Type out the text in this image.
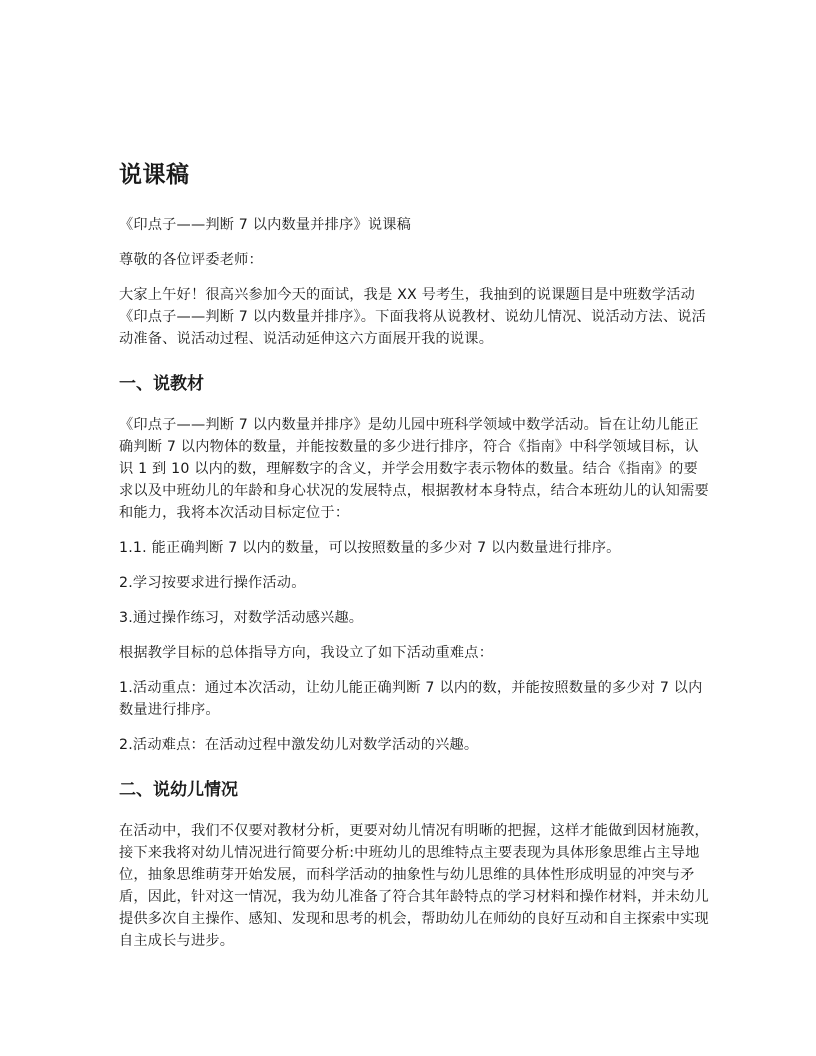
说课稿

《印点子——判断 7 以内数量并排序》说课稿

尊敬的各位评委老师：

大家上午好！很高兴参加今天的面试，我是 XX 号考生，我抽到的说课题目是中班数学活动《印点子——判断 7 以内数量并排序》。下面我将从说教材、说幼儿情况、说活动方法、说活动准备、说活动过程、说活动延伸这六方面展开我的说课。

一、说教材

《印点子——判断 7 以内数量并排序》是幼儿园中班科学领域中数学活动。旨在让幼儿能正确判断 7 以内物体的数量，并能按数量的多少进行排序，符合《指南》中科学领域目标，认识 1 到 10 以内的数，理解数字的含义，并学会用数字表示物体的数量。结合《指南》的要求以及中班幼儿的年龄和身心状况的发展特点，根据教材本身特点，结合本班幼儿的认知需要和能力，我将本次活动目标定位于：

1.1. 能正确判断 7 以内的数量，可以按照数量的多少对 7 以内数量进行排序。

2.学习按要求进行操作活动。

3.通过操作练习，对数学活动感兴趣。

根据教学目标的总体指导方向，我设立了如下活动重难点：

1.活动重点：通过本次活动，让幼儿能正确判断 7 以内的数，并能按照数量的多少对 7 以内数量进行排序。

2.活动难点：在活动过程中激发幼儿对数学活动的兴趣。

二、说幼儿情况

在活动中，我们不仅要对教材分析，更要对幼儿情况有明晰的把握，这样才能做到因材施教，接下来我将对幼儿情况进行简要分析:中班幼儿的思维特点主要表现为具体形象思维占主导地位，抽象思维萌芽开始发展，而科学活动的抽象性与幼儿思维的具体性形成明显的冲突与矛盾，因此，针对这一情况，我为幼儿准备了符合其年龄特点的学习材料和操作材料，并未幼儿提供多次自主操作、感知、发现和思考的机会，帮助幼儿在师幼的良好互动和自主探索中实现自主成长与进步。
